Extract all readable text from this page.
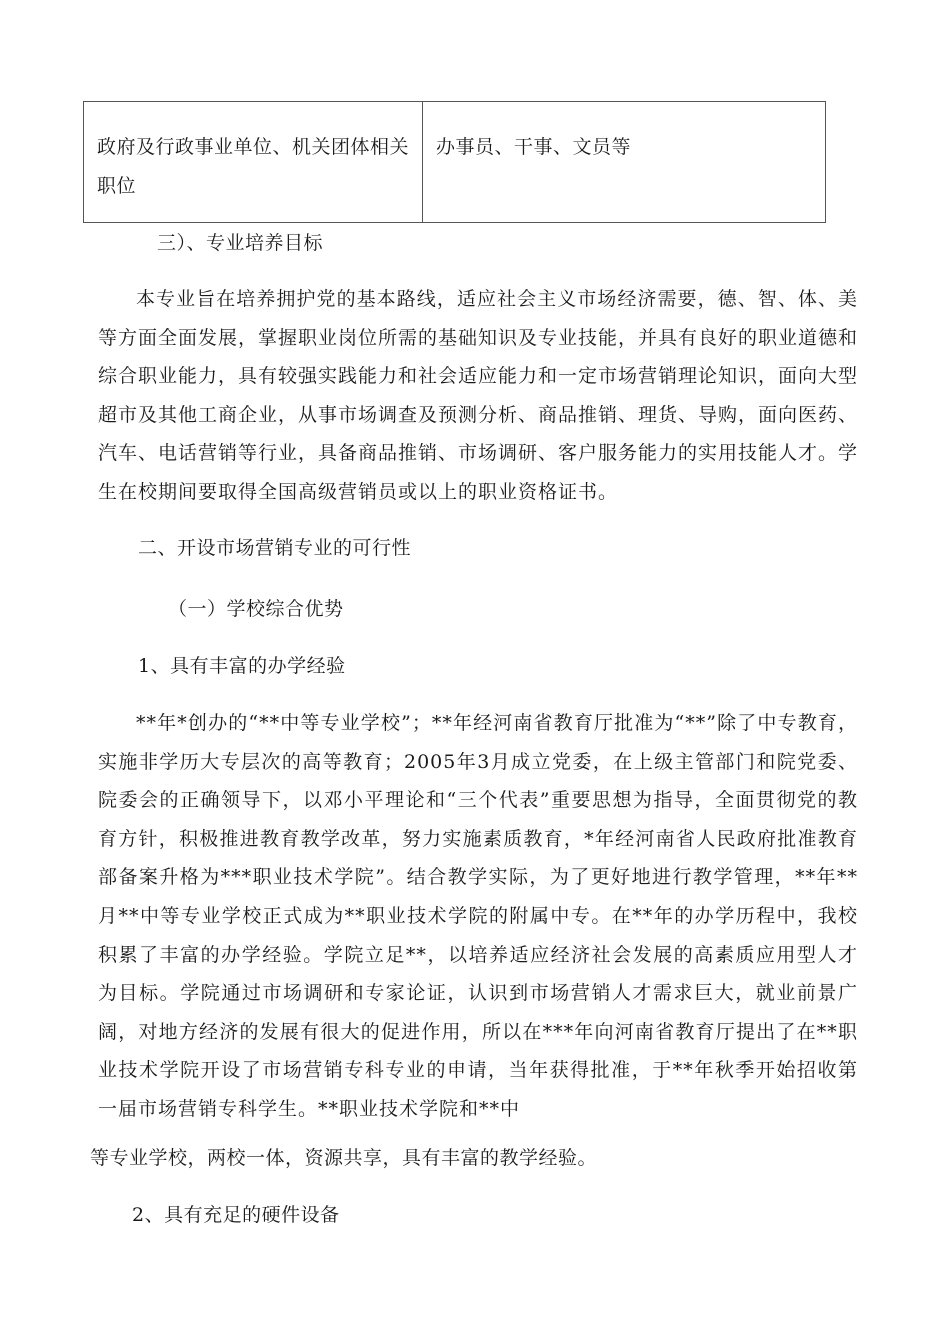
政府及行政事业单位、机关团体相关职位	办事员、干事、文员等
三）、专业培养目标
本专业旨在培养拥护党的基本路线，适应社会主义市场经济需要，德、智、体、美等方面全面发展，掌握职业岗位所需的基础知识及专业技能，并具有良好的职业道德和综合职业能力，具有较强实践能力和社会适应能力和一定市场营销理论知识，面向大型超市及其他工商企业，从事市场调查及预测分析、商品推销、理货、导购，面向医药、汽车、电话营销等行业，具备商品推销、市场调研、客户服务能力的实用技能人才。学生在校期间要取得全国高级营销员或以上的职业资格证书。
二、开设市场营销专业的可行性
（一）学校综合优势
1、具有丰富的办学经验
**年*创办的“**中等专业学校”；**年经河南省教育厅批准为“**”除了中专教育，实施非学历大专层次的高等教育；2005年3月成立党委，在上级主管部门和院党委、院委会的正确领导下，以邓小平理论和“三个代表”重要思想为指导，全面贯彻党的教育方针，积极推进教育教学改革，努力实施素质教育，*年经河南省人民政府批准教育部备案升格为***职业技术学院”。结合教学实际，为了更好地进行教学管理，**年**月**中等专业学校正式成为**职业技术学院的附属中专。在**年的办学历程中，我校积累了丰富的办学经验。学院立足**，以培养适应经济社会发展的高素质应用型人才为目标。学院通过市场调研和专家论证，认识到市场营销人才需求巨大，就业前景广阔，对地方经济的发展有很大的促进作用，所以在***年向河南省教育厅提出了在**职业技术学院开设了市场营销专科专业的申请，当年获得批准，于**年秋季开始招收第一届市场营销专科学生。**职业技术学院和**中
等专业学校，两校一体，资源共享，具有丰富的教学经验。
2、具有充足的硬件设备
